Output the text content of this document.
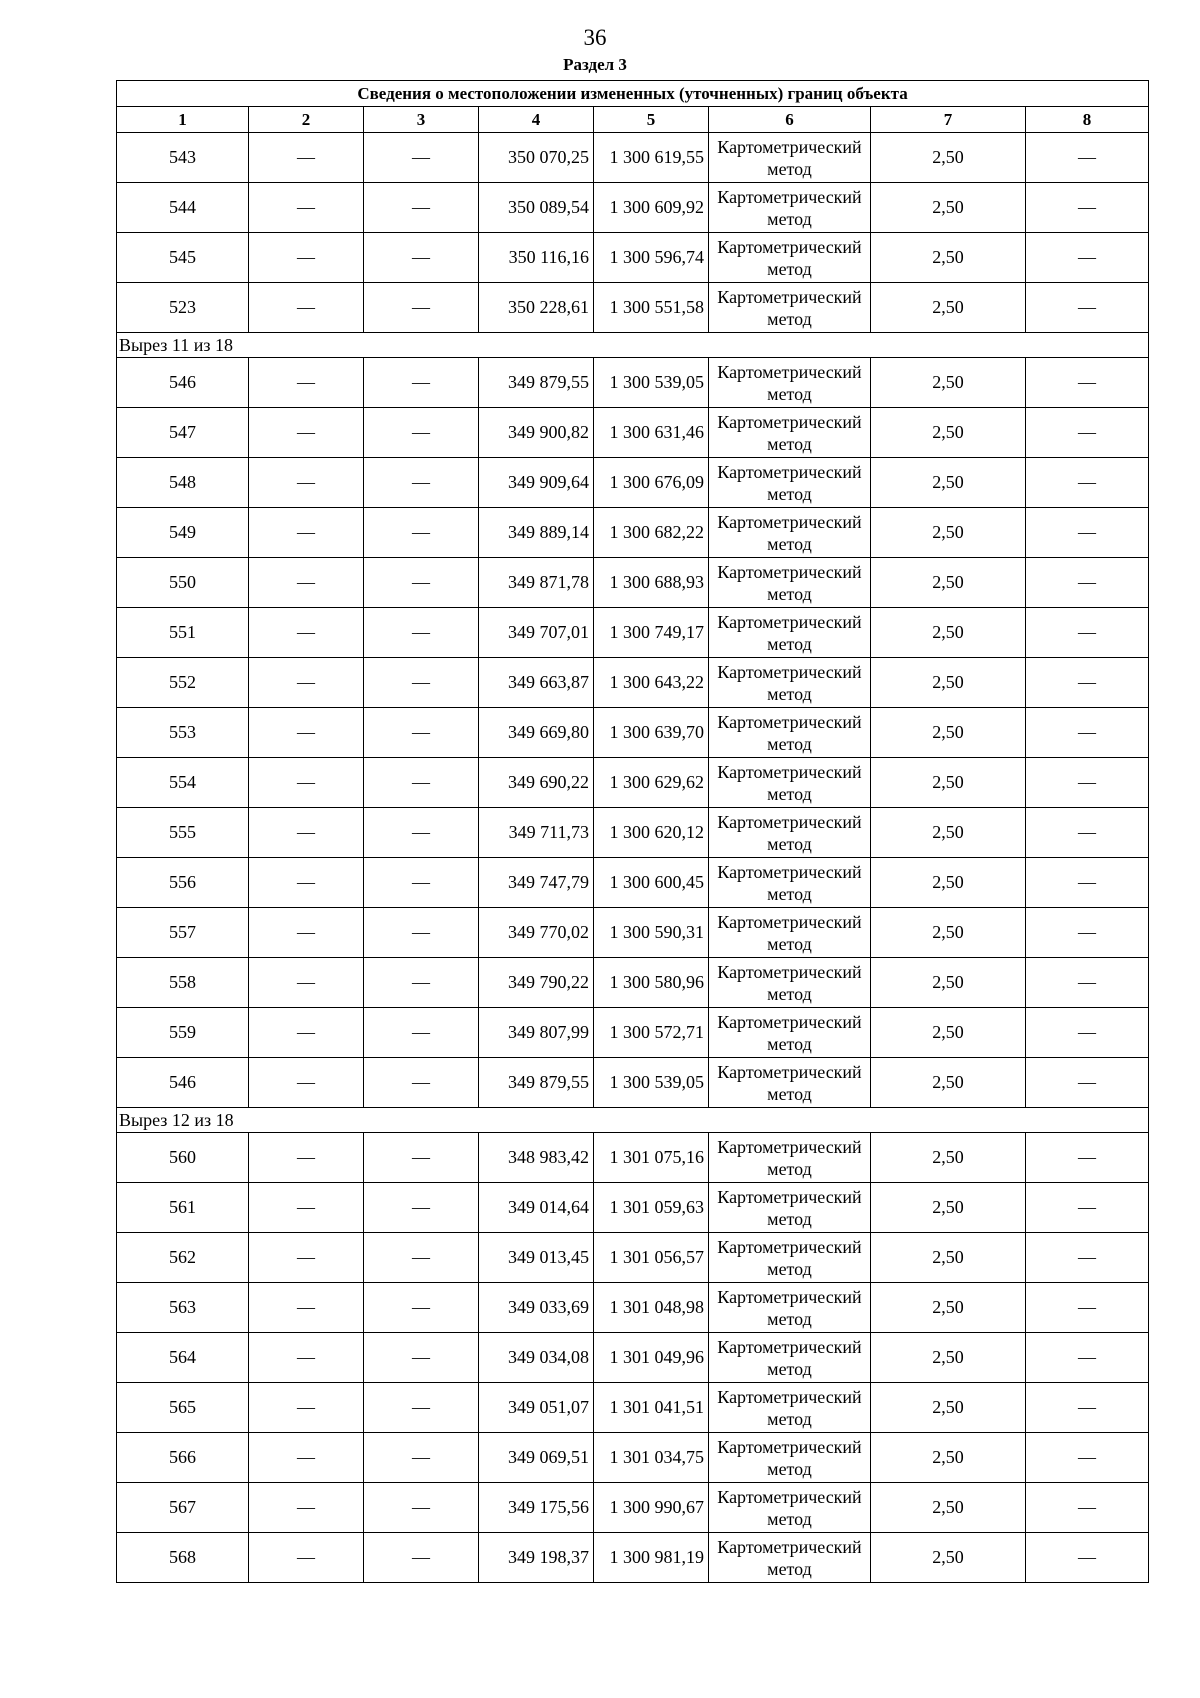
36
Раздел 3
Сведения о местоположении измененных (уточненных) границ объекта							
1	2	3	4	5	6	7	8
543	—	—	350 070,25	1 300 619,55	Картометрический метод	2,50	—
544	—	—	350 089,54	1 300 609,92	Картометрический метод	2,50	—
545	—	—	350 116,16	1 300 596,74	Картометрический метод	2,50	—
523	—	—	350 228,61	1 300 551,58	Картометрический метод	2,50	—
Вырез 11 из 18							
546	—	—	349 879,55	1 300 539,05	Картометрический метод	2,50	—
547	—	—	349 900,82	1 300 631,46	Картометрический метод	2,50	—
548	—	—	349 909,64	1 300 676,09	Картометрический метод	2,50	—
549	—	—	349 889,14	1 300 682,22	Картометрический метод	2,50	—
550	—	—	349 871,78	1 300 688,93	Картометрический метод	2,50	—
551	—	—	349 707,01	1 300 749,17	Картометрический метод	2,50	—
552	—	—	349 663,87	1 300 643,22	Картометрический метод	2,50	—
553	—	—	349 669,80	1 300 639,70	Картометрический метод	2,50	—
554	—	—	349 690,22	1 300 629,62	Картометрический метод	2,50	—
555	—	—	349 711,73	1 300 620,12	Картометрический метод	2,50	—
556	—	—	349 747,79	1 300 600,45	Картометрический метод	2,50	—
557	—	—	349 770,02	1 300 590,31	Картометрический метод	2,50	—
558	—	—	349 790,22	1 300 580,96	Картометрический метод	2,50	—
559	—	—	349 807,99	1 300 572,71	Картометрический метод	2,50	—
546	—	—	349 879,55	1 300 539,05	Картометрический метод	2,50	—
Вырез 12 из 18							
560	—	—	348 983,42	1 301 075,16	Картометрический метод	2,50	—
561	—	—	349 014,64	1 301 059,63	Картометрический метод	2,50	—
562	—	—	349 013,45	1 301 056,57	Картометрический метод	2,50	—
563	—	—	349 033,69	1 301 048,98	Картометрический метод	2,50	—
564	—	—	349 034,08	1 301 049,96	Картометрический метод	2,50	—
565	—	—	349 051,07	1 301 041,51	Картометрический метод	2,50	—
566	—	—	349 069,51	1 301 034,75	Картометрический метод	2,50	—
567	—	—	349 175,56	1 300 990,67	Картометрический метод	2,50	—
568	—	—	349 198,37	1 300 981,19	Картометрический метод	2,50	—
